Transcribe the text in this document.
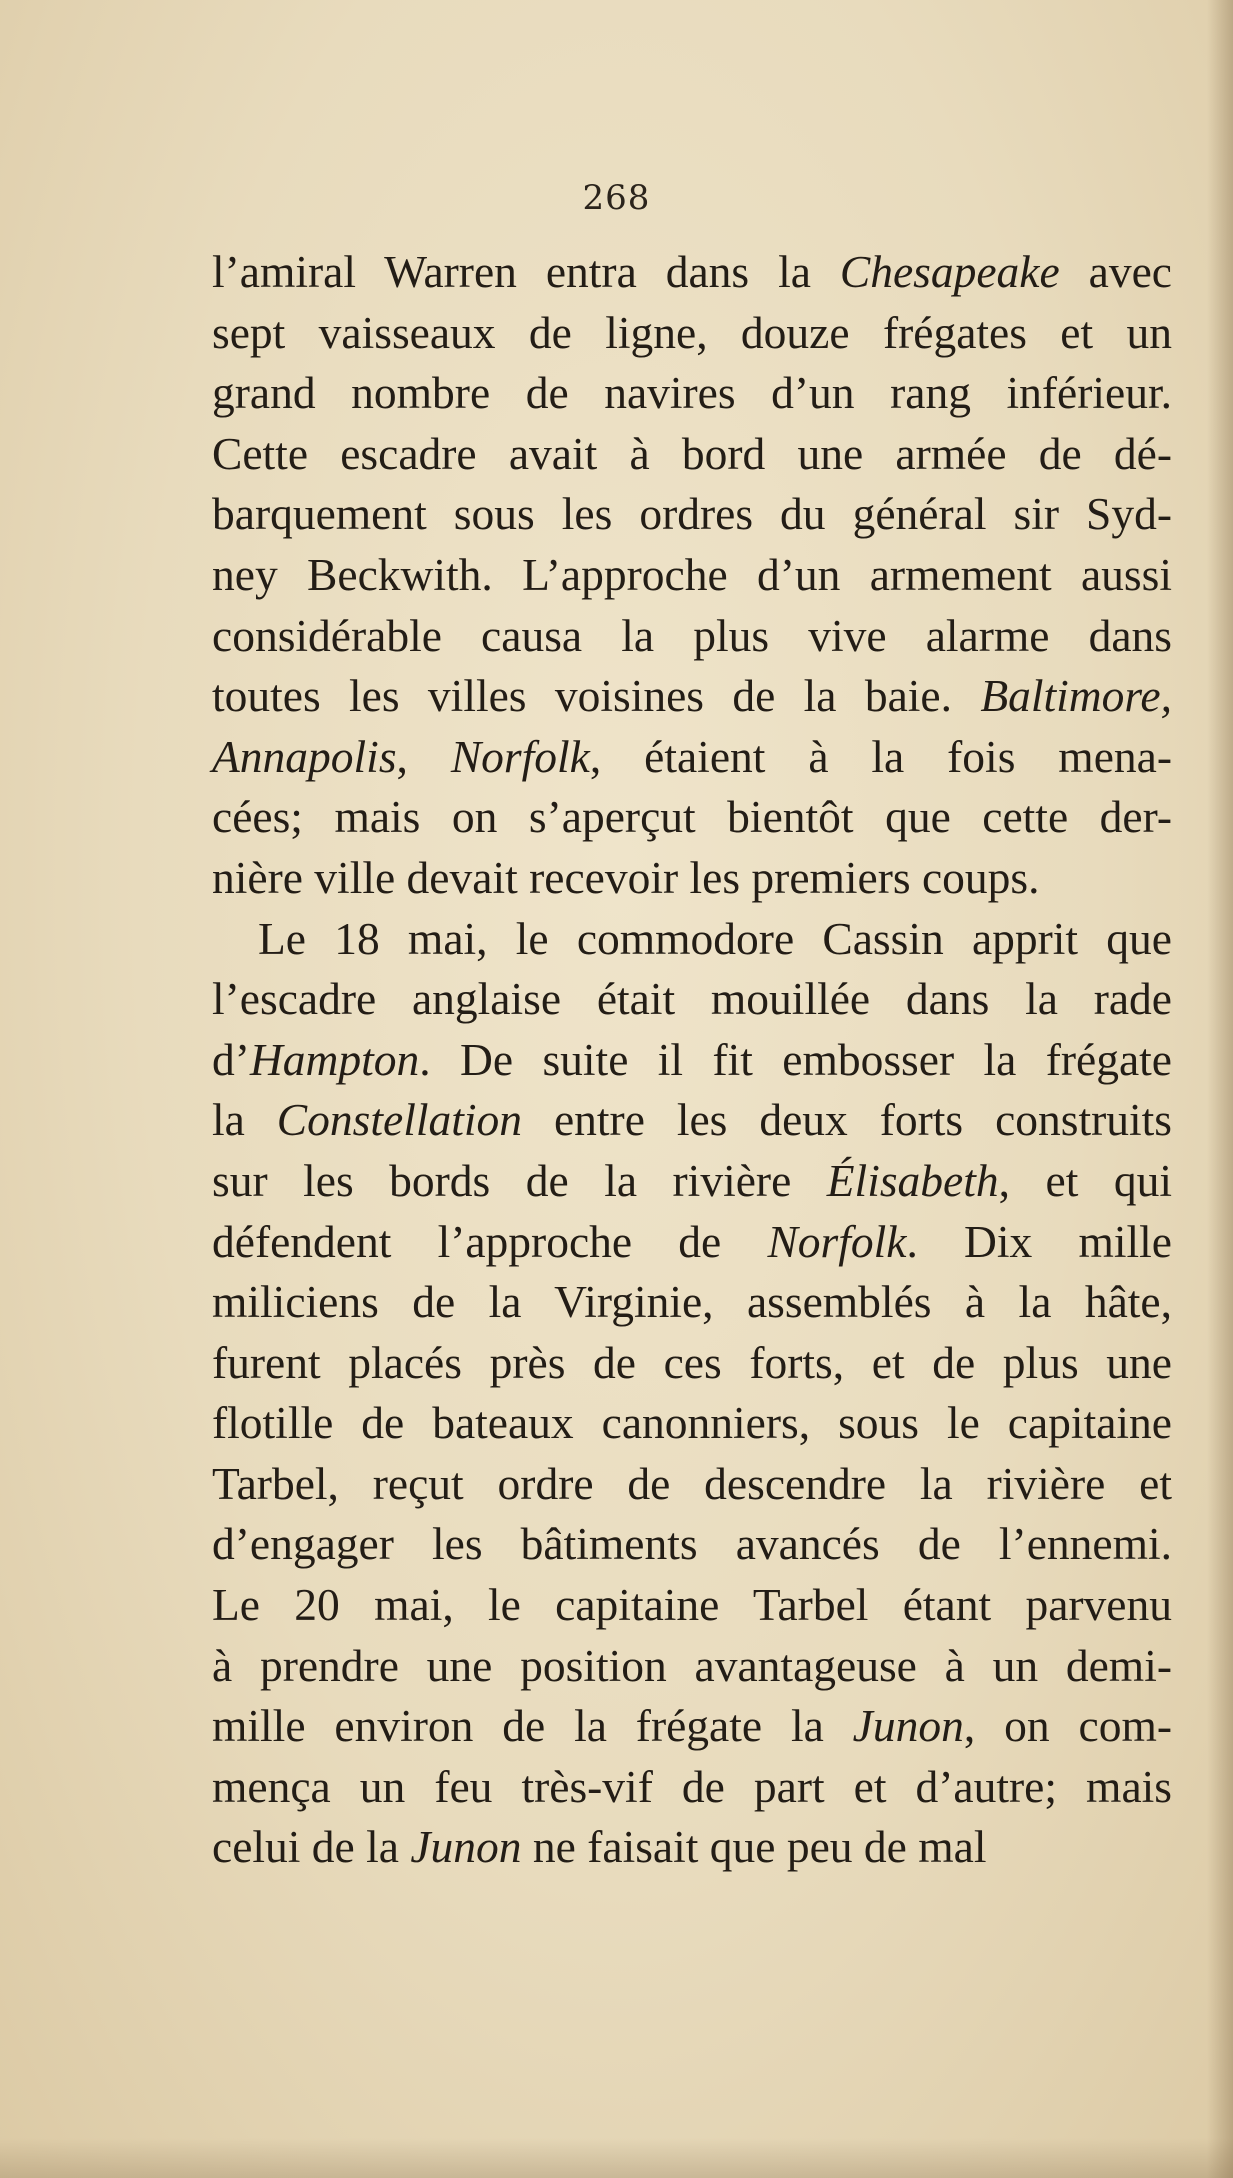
268
l’amiral Warren entra dans la Chesapeake avec
sept vaisseaux de ligne, douze frégates et un
grand nombre de navires d’un rang inférieur.
Cette escadre avait à bord une armée de dé-
barquement sous les ordres du général sir Syd-
ney Beckwith. L’approche d’un armement aussi
considérable causa la plus vive alarme dans
toutes les villes voisines de la baie. Baltimore,
Annapolis, Norfolk, étaient à la fois mena-
cées; mais on s’aperçut bientôt que cette der-
nière ville devait recevoir les premiers coups.
Le 18 mai, le commodore Cassin apprit que
l’escadre anglaise était mouillée dans la rade
d’Hampton. De suite il fit embosser la frégate
la Constellation entre les deux forts construits
sur les bords de la rivière Élisabeth, et qui
défendent l’approche de Norfolk. Dix mille
miliciens de la Virginie, assemblés à la hâte,
furent placés près de ces forts, et de plus une
flotille de bateaux canonniers, sous le capitaine
Tarbel, reçut ordre de descendre la rivière et
d’engager les bâtiments avancés de l’ennemi.
Le 20 mai, le capitaine Tarbel étant parvenu
à prendre une position avantageuse à un demi-
mille environ de la frégate la Junon, on com-
mença un feu très-vif de part et d’autre; mais
celui de la Junon ne faisait que peu de mal
